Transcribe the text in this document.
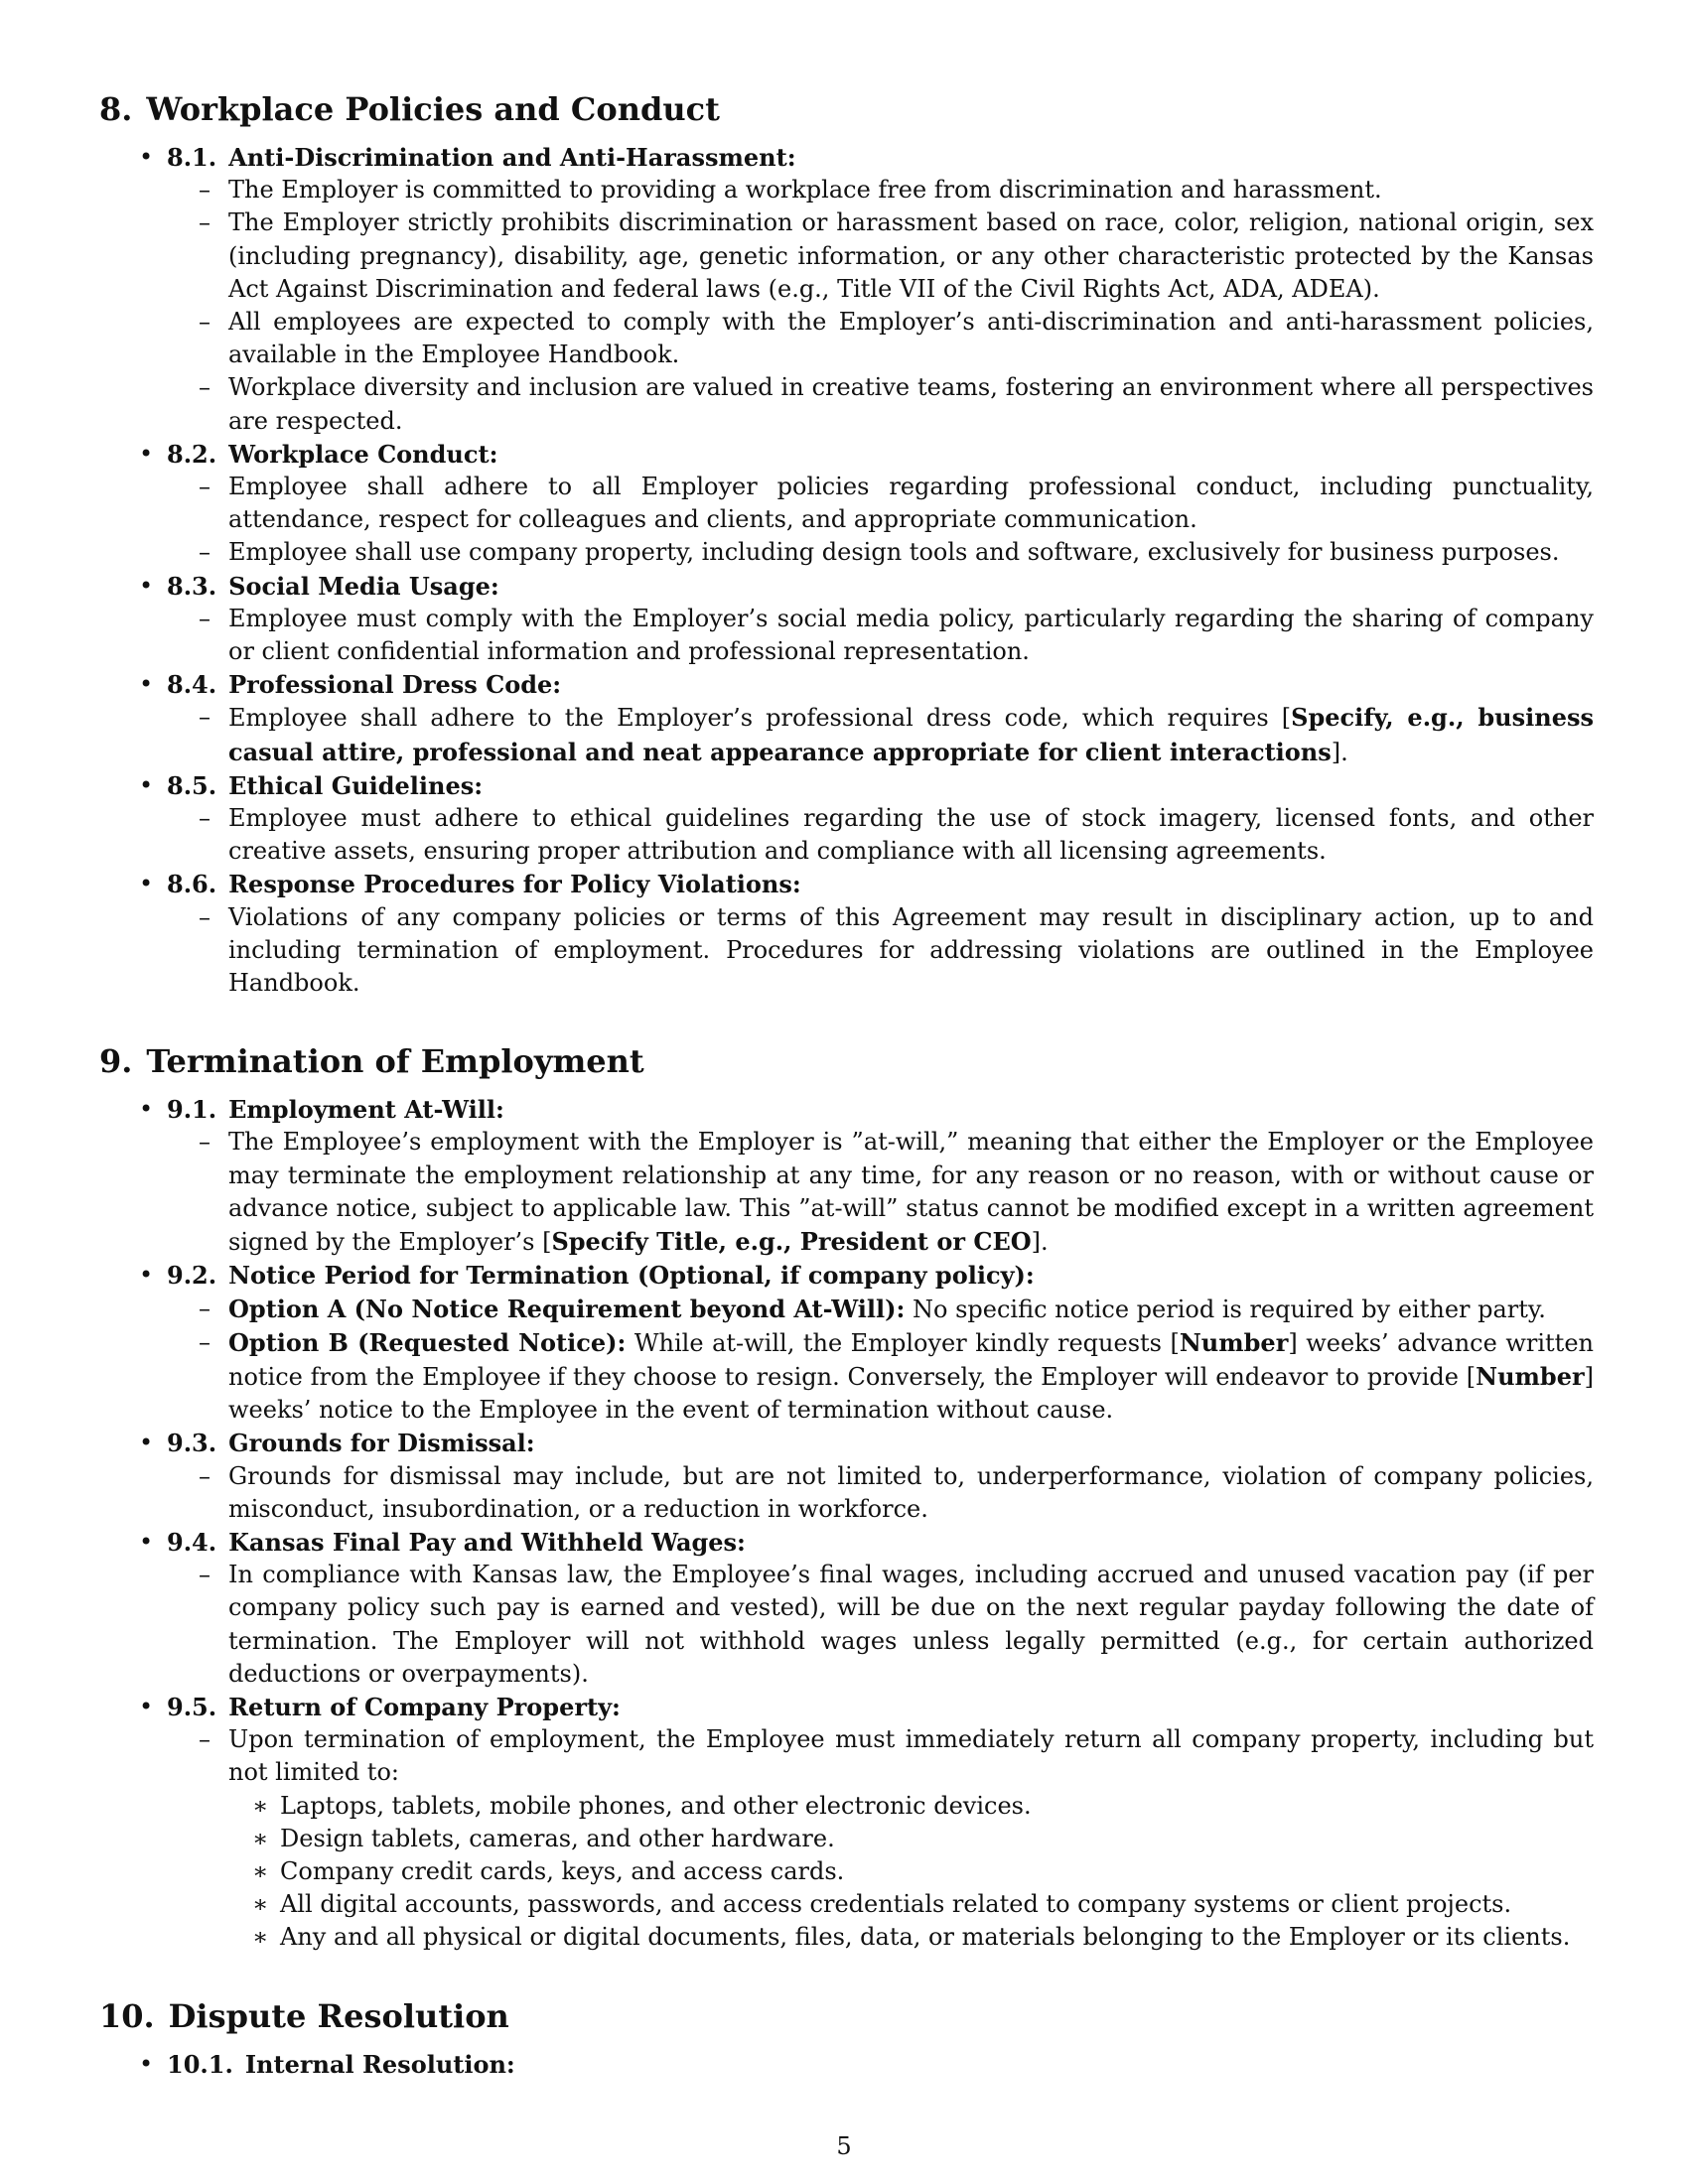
8. Workplace Policies and Conduct
• 8.1. Anti-Discrimination and Anti-Harassment:
– The Employer is committed to providing a workplace free from discrimination and harassment.
– The Employer strictly prohibits discrimination or harassment based on race, color, religion, national origin, sex (including pregnancy), disability, age, genetic information, or any other characteristic protected by the Kansas Act Against Discrimination and federal laws (e.g., Title VII of the Civil Rights Act, ADA, ADEA).
– All employees are expected to comply with the Employer’s anti-discrimination and anti-harassment policies, available in the Employee Handbook.
– Workplace diversity and inclusion are valued in creative teams, fostering an environment where all perspectives are respected.
• 8.2. Workplace Conduct:
– Employee shall adhere to all Employer policies regarding professional conduct, including punctuality, attendance, respect for colleagues and clients, and appropriate communication.
– Employee shall use company property, including design tools and software, exclusively for business purposes.
• 8.3. Social Media Usage:
– Employee must comply with the Employer’s social media policy, particularly regarding the sharing of company or client confidential information and professional representation.
• 8.4. Professional Dress Code:
– Employee shall adhere to the Employer’s professional dress code, which requires [Specify, e.g., business casual attire, professional and neat appearance appropriate for client interactions].
• 8.5. Ethical Guidelines:
– Employee must adhere to ethical guidelines regarding the use of stock imagery, licensed fonts, and other creative assets, ensuring proper attribution and compliance with all licensing agreements.
• 8.6. Response Procedures for Policy Violations:
– Violations of any company policies or terms of this Agreement may result in disciplinary action, up to and including termination of employment. Procedures for addressing violations are outlined in the Employee Handbook.
9. Termination of Employment
• 9.1. Employment At-Will:
– The Employee’s employment with the Employer is ”at-will,” meaning that either the Employer or the Employee may terminate the employment relationship at any time, for any reason or no reason, with or without cause or advance notice, subject to applicable law. This ”at-will” status cannot be modified except in a written agreement signed by the Employer’s [Specify Title, e.g., President or CEO].
• 9.2. Notice Period for Termination (Optional, if company policy):
– Option A (No Notice Requirement beyond At-Will): No specific notice period is required by either party.
– Option B (Requested Notice): While at-will, the Employer kindly requests [Number] weeks’ advance written notice from the Employee if they choose to resign. Conversely, the Employer will endeavor to provide [Number] weeks’ notice to the Employee in the event of termination without cause.
• 9.3. Grounds for Dismissal:
– Grounds for dismissal may include, but are not limited to, underperformance, violation of company policies, misconduct, insubordination, or a reduction in workforce.
• 9.4. Kansas Final Pay and Withheld Wages:
– In compliance with Kansas law, the Employee’s final wages, including accrued and unused vacation pay (if per company policy such pay is earned and vested), will be due on the next regular payday following the date of termination. The Employer will not withhold wages unless legally permitted (e.g., for certain authorized deductions or overpayments).
• 9.5. Return of Company Property:
– Upon termination of employment, the Employee must immediately return all company property, including but not limited to:
∗ Laptops, tablets, mobile phones, and other electronic devices.
∗ Design tablets, cameras, and other hardware.
∗ Company credit cards, keys, and access cards.
∗ All digital accounts, passwords, and access credentials related to company systems or client projects.
∗ Any and all physical or digital documents, files, data, or materials belonging to the Employer or its clients.
10. Dispute Resolution
• 10.1. Internal Resolution:
5
